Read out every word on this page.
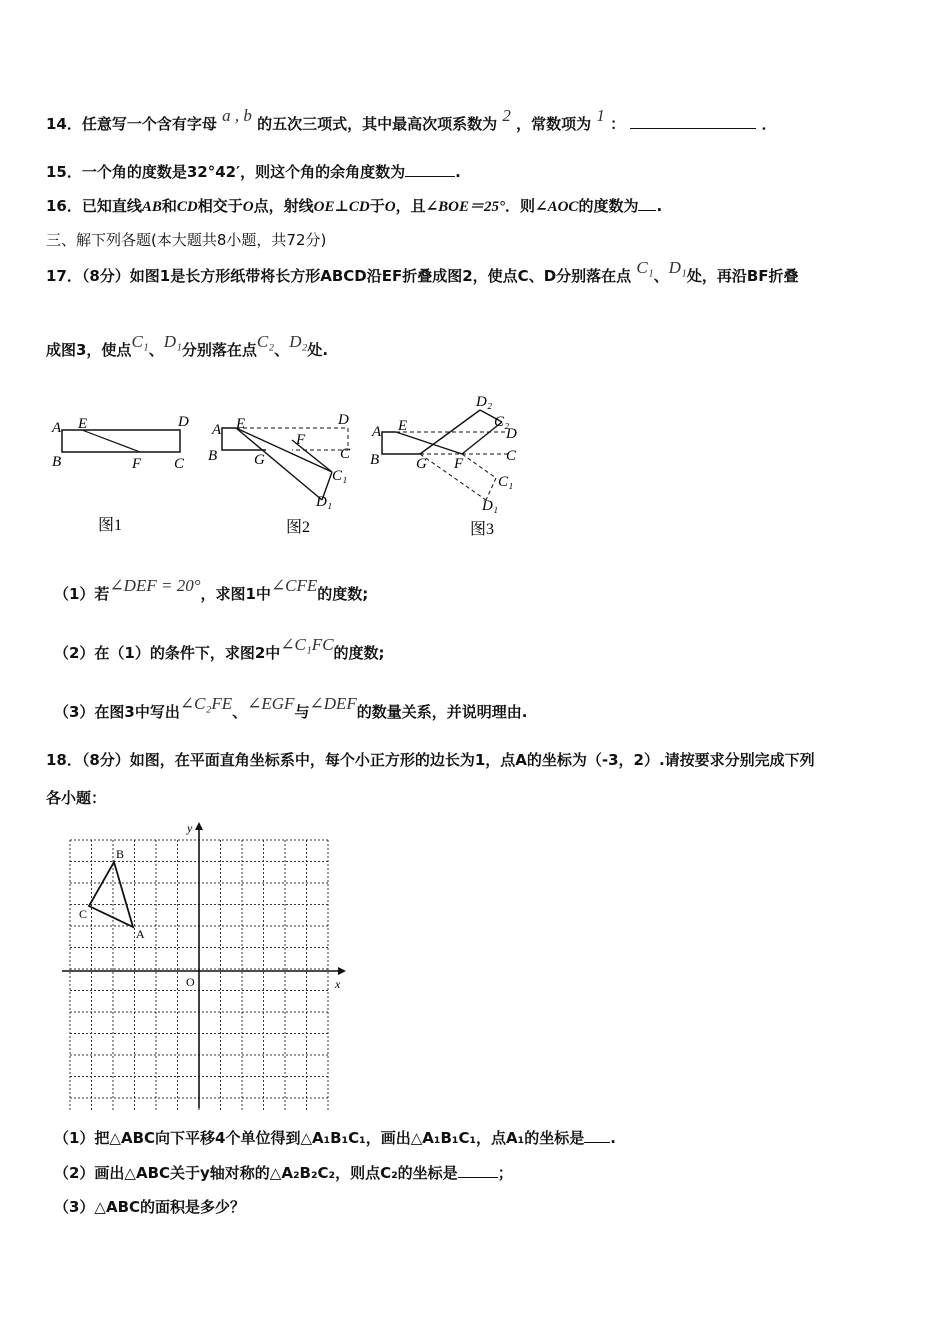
14．任意写一个含有字母 a , b 的五次三项式，其中最高次项系数为 2 ，常数项为 1 ：	．
15．一个角的度数是32°42′，则这个角的余角度数为	.
16．已知直线AB和CD相交于O点，射线OE⊥CD于O，且∠BOE＝25°．则∠AOC的度数为 .
三、解下列各题(本大题共8小题，共72分)
17．（8分）如图1是长方形纸带将长方形ABCD沿EF折叠成图2，使点C、D分别落在点 C₁、D₁处，再沿BF折叠
成图3，使点C₁、D₁分别落在点C₂、D₂处.
A E	D
B	F C
图1
A E	D
B G
F
C
C₁
D₁
图2
A E
D₂
C₂
D
B G F	C
C₁
D₁
图3
（1）若∠DEF = 20°，求图1中∠CFE的度数;
（2）在（1）的条件下，求图2中∠C₁FC的度数;
（3）在图3中写出∠C₂FE、∠EGF与∠DEF的数量关系，并说明理由.
18．（8分）如图，在平面直角坐标系中，每个小正方形的边长为1，点A的坐标为（-3，2）.请按要求分别完成下列
各小题：
y
x
O
A
B
C
（1）把△ABC向下平移4个单位得到△A₁B₁C₁，画出△A₁B₁C₁，点A₁的坐标是 .
（2）画出△ABC关于y轴对称的△A₂B₂C₂，则点C₂的坐标是	；
（3）△ABC的面积是多少？
